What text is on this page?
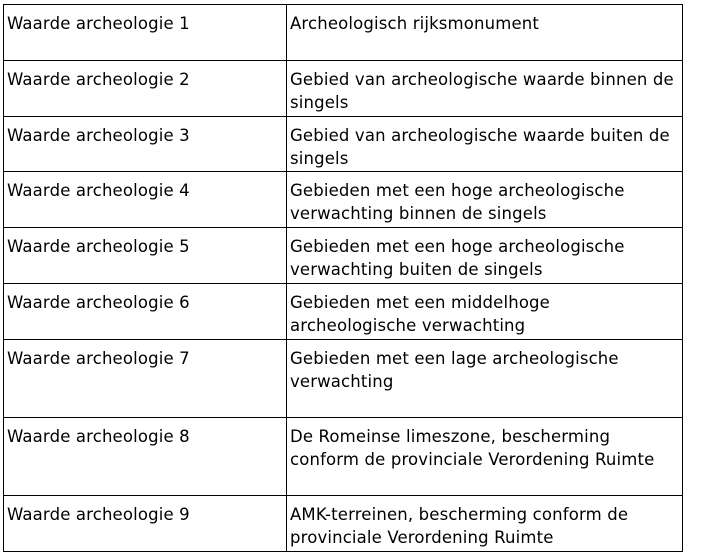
Waarde archeologie 1	Archeologisch rijksmonument
Waarde archeologie 2	Gebied van archeologische waarde binnen de singels
Waarde archeologie 3	Gebied van archeologische waarde buiten de singels
Waarde archeologie 4	Gebieden met een hoge archeologische verwachting binnen de singels
Waarde archeologie 5	Gebieden met een hoge archeologische verwachting buiten de singels
Waarde archeologie 6	Gebieden met een middelhoge archeologische verwachting
Waarde archeologie 7	Gebieden met een lage archeologische verwachting
Waarde archeologie 8	De Romeinse limeszone, bescherming conform de provinciale Verordening Ruimte
Waarde archeologie 9	AMK-terreinen, bescherming conform de provinciale Verordening Ruimte
